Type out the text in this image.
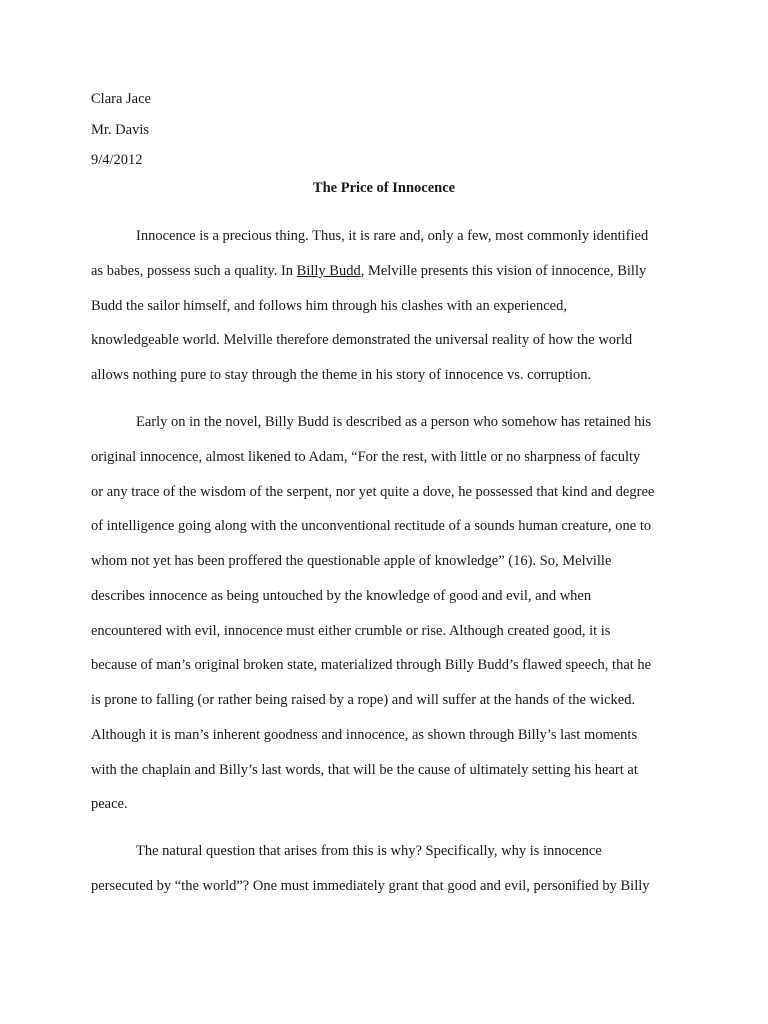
Clara Jace
Mr. Davis
9/4/2012
The Price of Innocence
Innocence is a precious thing. Thus, it is rare and, only a few, most commonly identified
as babes, possess such a quality. In Billy Budd, Melville presents this vision of innocence, Billy
Budd the sailor himself, and follows him through his clashes with an experienced,
knowledgeable world. Melville therefore demonstrated the universal reality of how the world
allows nothing pure to stay through the theme in his story of innocence vs. corruption.
Early on in the novel, Billy Budd is described as a person who somehow has retained his
original innocence, almost likened to Adam, “For the rest, with little or no sharpness of faculty
or any trace of the wisdom of the serpent, nor yet quite a dove, he possessed that kind and degree
of intelligence going along with the unconventional rectitude of a sounds human creature, one to
whom not yet has been proffered the questionable apple of knowledge” (16). So, Melville
describes innocence as being untouched by the knowledge of good and evil, and when
encountered with evil, innocence must either crumble or rise. Although created good, it is
because of man’s original broken state, materialized through Billy Budd’s flawed speech, that he
is prone to falling (or rather being raised by a rope) and will suffer at the hands of the wicked.
Although it is man’s inherent goodness and innocence, as shown through Billy’s last moments
with the chaplain and Billy’s last words, that will be the cause of ultimately setting his heart at
peace.
The natural question that arises from this is why? Specifically, why is innocence
persecuted by “the world”? One must immediately grant that good and evil, personified by Billy
